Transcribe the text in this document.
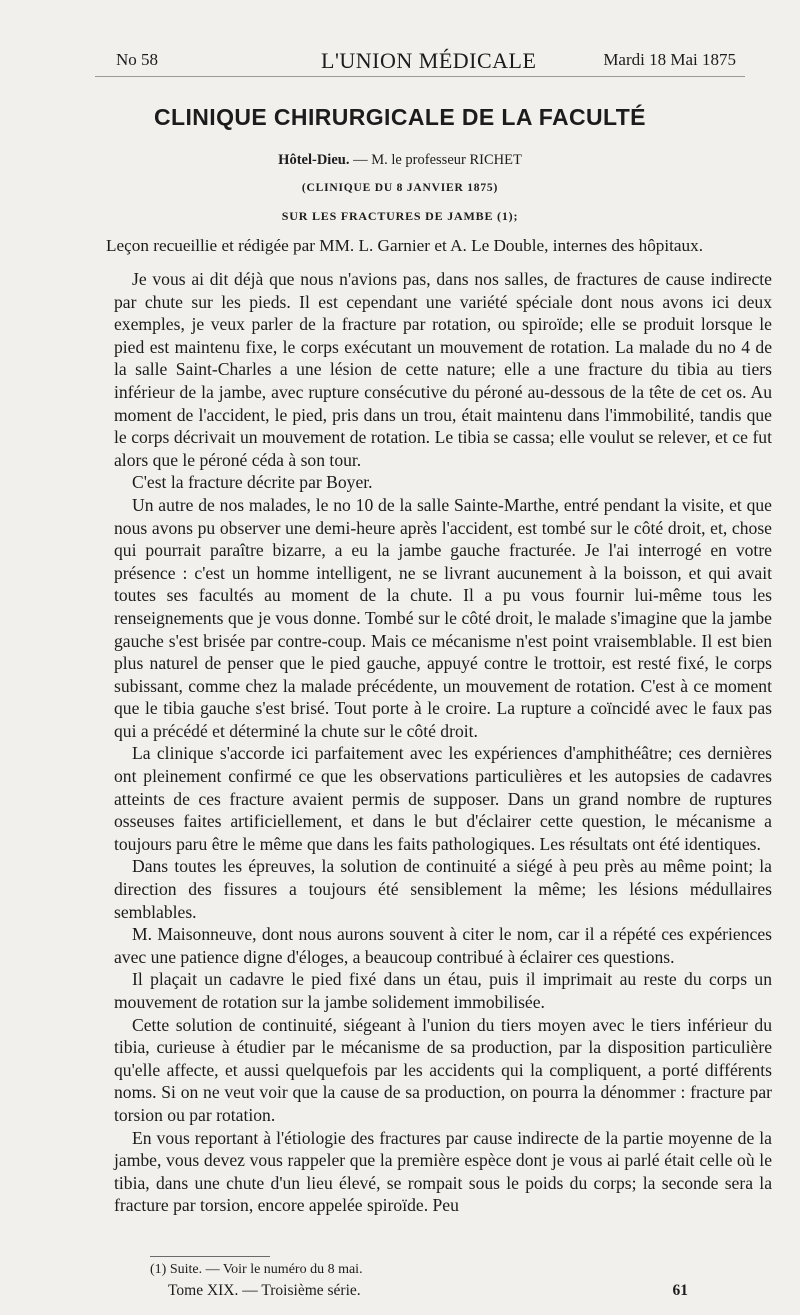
No 58	L'UNION MÉDICALE	Mardi 18 Mai 1875
CLINIQUE CHIRURGICALE DE LA FACULTÉ
Hôtel-Dieu. — M. le professeur RICHET
(CLINIQUE DU 8 JANVIER 1875)
SUR LES FRACTURES DE JAMBE (1);
Leçon recueillie et rédigée par MM. L. Garnier et A. Le Double, internes des hôpitaux.

Je vous ai dit déjà que nous n'avions pas, dans nos salles, de fractures de cause indirecte par chute sur les pieds. Il est cependant une variété spéciale dont nous avons ici deux exemples, je veux parler de la fracture par rotation, ou spiroïde; elle se produit lorsque le pied est maintenu fixe, le corps exécutant un mouvement de rotation. La malade du no 4 de la salle Saint-Charles a une lésion de cette nature; elle a une fracture du tibia au tiers inférieur de la jambe, avec rupture consécutive du péroné au-dessous de la tête de cet os. Au moment de l'accident, le pied, pris dans un trou, était maintenu dans l'immobilité, tandis que le corps décrivait un mouvement de rotation. Le tibia se cassa; elle voulut se relever, et ce fut alors que le péroné céda à son tour.

C'est la fracture décrite par Boyer.

Un autre de nos malades, le no 10 de la salle Sainte-Marthe, entré pendant la visite, et que nous avons pu observer une demi-heure après l'accident, est tombé sur le côté droit, et, chose qui pourrait paraître bizarre, a eu la jambe gauche fracturée. Je l'ai interrogé en votre présence : c'est un homme intelligent, ne se livrant aucunement à la boisson, et qui avait toutes ses facultés au moment de la chute. Il a pu vous fournir lui-même tous les renseignements que je vous donne. Tombé sur le côté droit, le malade s'imagine que la jambe gauche s'est brisée par contre-coup. Mais ce mécanisme n'est point vraisemblable. Il est bien plus naturel de penser que le pied gauche, appuyé contre le trottoir, est resté fixé, le corps subissant, comme chez la malade précédente, un mouvement de rotation. C'est à ce moment que le tibia gauche s'est brisé. Tout porte à le croire. La rupture a coïncidé avec le faux pas qui a précédé et déterminé la chute sur le côté droit.

La clinique s'accorde ici parfaitement avec les expériences d'amphithéâtre; ces dernières ont pleinement confirmé ce que les observations particulières et les autopsies de cadavres atteints de ces fracture avaient permis de supposer. Dans un grand nombre de ruptures osseuses faites artificiellement, et dans le but d'éclairer cette question, le mécanisme a toujours paru être le même que dans les faits pathologiques. Les résultats ont été identiques.

Dans toutes les épreuves, la solution de continuité a siégé à peu près au même point; la direction des fissures a toujours été sensiblement la même; les lésions médullaires semblables.

M. Maisonneuve, dont nous aurons souvent à citer le nom, car il a répété ces expériences avec une patience digne d'éloges, a beaucoup contribué à éclairer ces questions.

Il plaçait un cadavre le pied fixé dans un étau, puis il imprimait au reste du corps un mouvement de rotation sur la jambe solidement immobilisée.

Cette solution de continuité, siégeant à l'union du tiers moyen avec le tiers inférieur du tibia, curieuse à étudier par le mécanisme de sa production, par la disposition particulière qu'elle affecte, et aussi quelquefois par les accidents qui la compliquent, a porté différents noms. Si on ne veut voir que la cause de sa production, on pourra la dénommer : fracture par torsion ou par rotation.

En vous reportant à l'étiologie des fractures par cause indirecte de la partie moyenne de la jambe, vous devez vous rappeler que la première espèce dont je vous ai parlé était celle où le tibia, dans une chute d'un lieu élevé, se rompait sous le poids du corps; la seconde sera la fracture par torsion, encore appelée spiroïde. Peu

(1) Suite. — Voir le numéro du 8 mai.
Tome XIX. — Troisième série.	61
